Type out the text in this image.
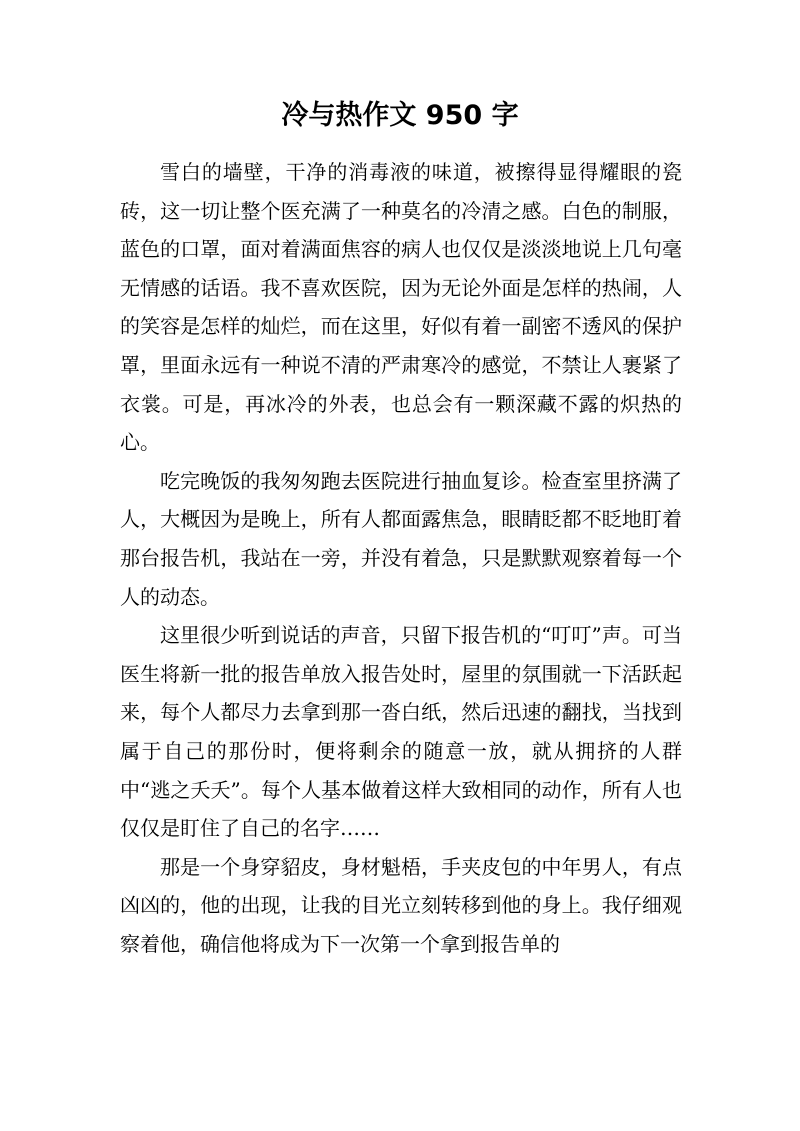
冷与热作文 950 字

雪白的墙壁，干净的消毒液的味道，被擦得显得耀眼的瓷砖，这一切让整个医充满了一种莫名的冷清之感。白色的制服，蓝色的口罩，面对着满面焦容的病人也仅仅是淡淡地说上几句毫无情感的话语。我不喜欢医院，因为无论外面是怎样的热闹，人的笑容是怎样的灿烂，而在这里，好似有着一副密不透风的保护罩，里面永远有一种说不清的严肃寒冷的感觉，不禁让人裹紧了衣裳。可是，再冰冷的外表，也总会有一颗深藏不露的炽热的心。

吃完晚饭的我匆匆跑去医院进行抽血复诊。检查室里挤满了人，大概因为是晚上，所有人都面露焦急，眼睛眨都不眨地盯着那台报告机，我站在一旁，并没有着急，只是默默观察着每一个人的动态。

这里很少听到说话的声音，只留下报告机的“叮叮”声。可当医生将新一批的报告单放入报告处时，屋里的氛围就一下活跃起来，每个人都尽力去拿到那一沓白纸，然后迅速的翻找，当找到属于自己的那份时，便将剩余的随意一放，就从拥挤的人群中“逃之夭夭”。每个人基本做着这样大致相同的动作，所有人也仅仅是盯住了自己的名字……

那是一个身穿貂皮，身材魁梧，手夹皮包的中年男人，有点凶凶的，他的出现，让我的目光立刻转移到他的身上。我仔细观察着他，确信他将成为下一次第一个拿到报告单的
